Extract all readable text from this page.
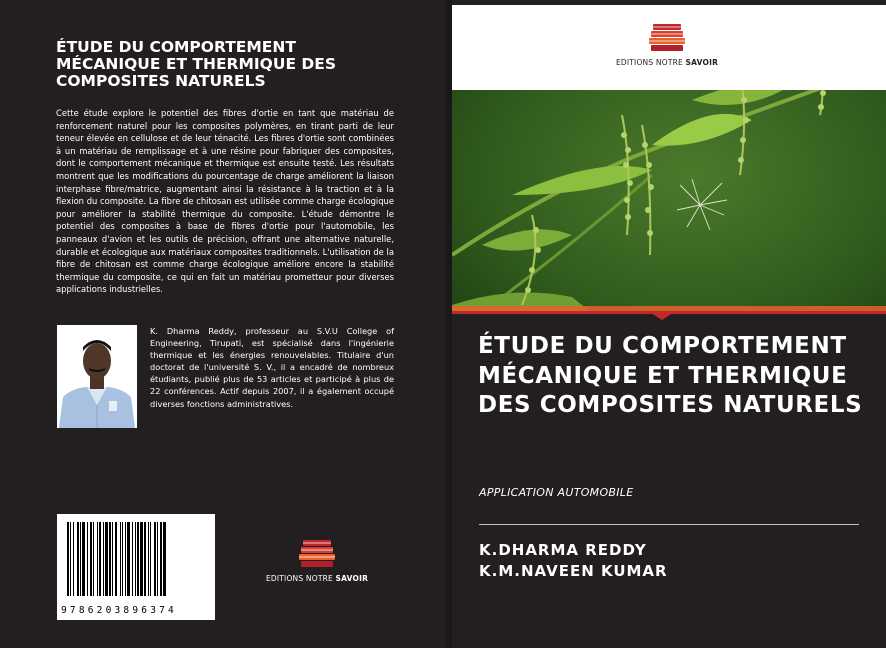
ÉTUDE DU COMPORTEMENT MÉCANIQUE ET THERMIQUE DES COMPOSITES NATURELS
Cette étude explore le potentiel des fibres d'ortie en tant que matériau de renforcement naturel pour les composites polymères, en tirant parti de leur teneur élevée en cellulose et de leur ténacité. Les fibres d'ortie sont combinées à un matériau de remplissage et à une résine pour fabriquer des composites, dont le comportement mécanique et thermique est ensuite testé. Les résultats montrent que les modifications du pourcentage de charge améliorent la liaison interphase fibre/matrice, augmentant ainsi la résistance à la traction et à la flexion du composite. La fibre de chitosan est utilisée comme charge écologique pour améliorer la stabilité thermique du composite. L'étude démontre le potentiel des composites à base de fibres d'ortie pour l'automobile, les panneaux d'avion et les outils de précision, offrant une alternative naturelle, durable et écologique aux matériaux composites traditionnels. L'utilisation de la fibre de chitosan est comme charge écologique améliore encore la stabilité thermique du composite, ce qui en fait un matériau prometteur pour diverses applications industrielles.
K. Dharma Reddy, professeur au S.V.U College of Engineering, Tirupati, est spécialisé dans l'ingénierie thermique et les énergies renouvelables. Titulaire d'un doctorat de l'université S. V., il a encadré de nombreux étudiants, publié plus de 53 articles et participé à plus de 22 conférences. Actif depuis 2007, il a également occupé diverses fonctions administratives.
9786203896374
EDITIONS NOTRE SAVOIR
EDITIONS NOTRE SAVOIR
ÉTUDE DU COMPORTEMENT MÉCANIQUE ET THERMIQUE DES COMPOSITES NATURELS
APPLICATION AUTOMOBILE
K.DHARMA REDDY
K.M.NAVEEN KUMAR
